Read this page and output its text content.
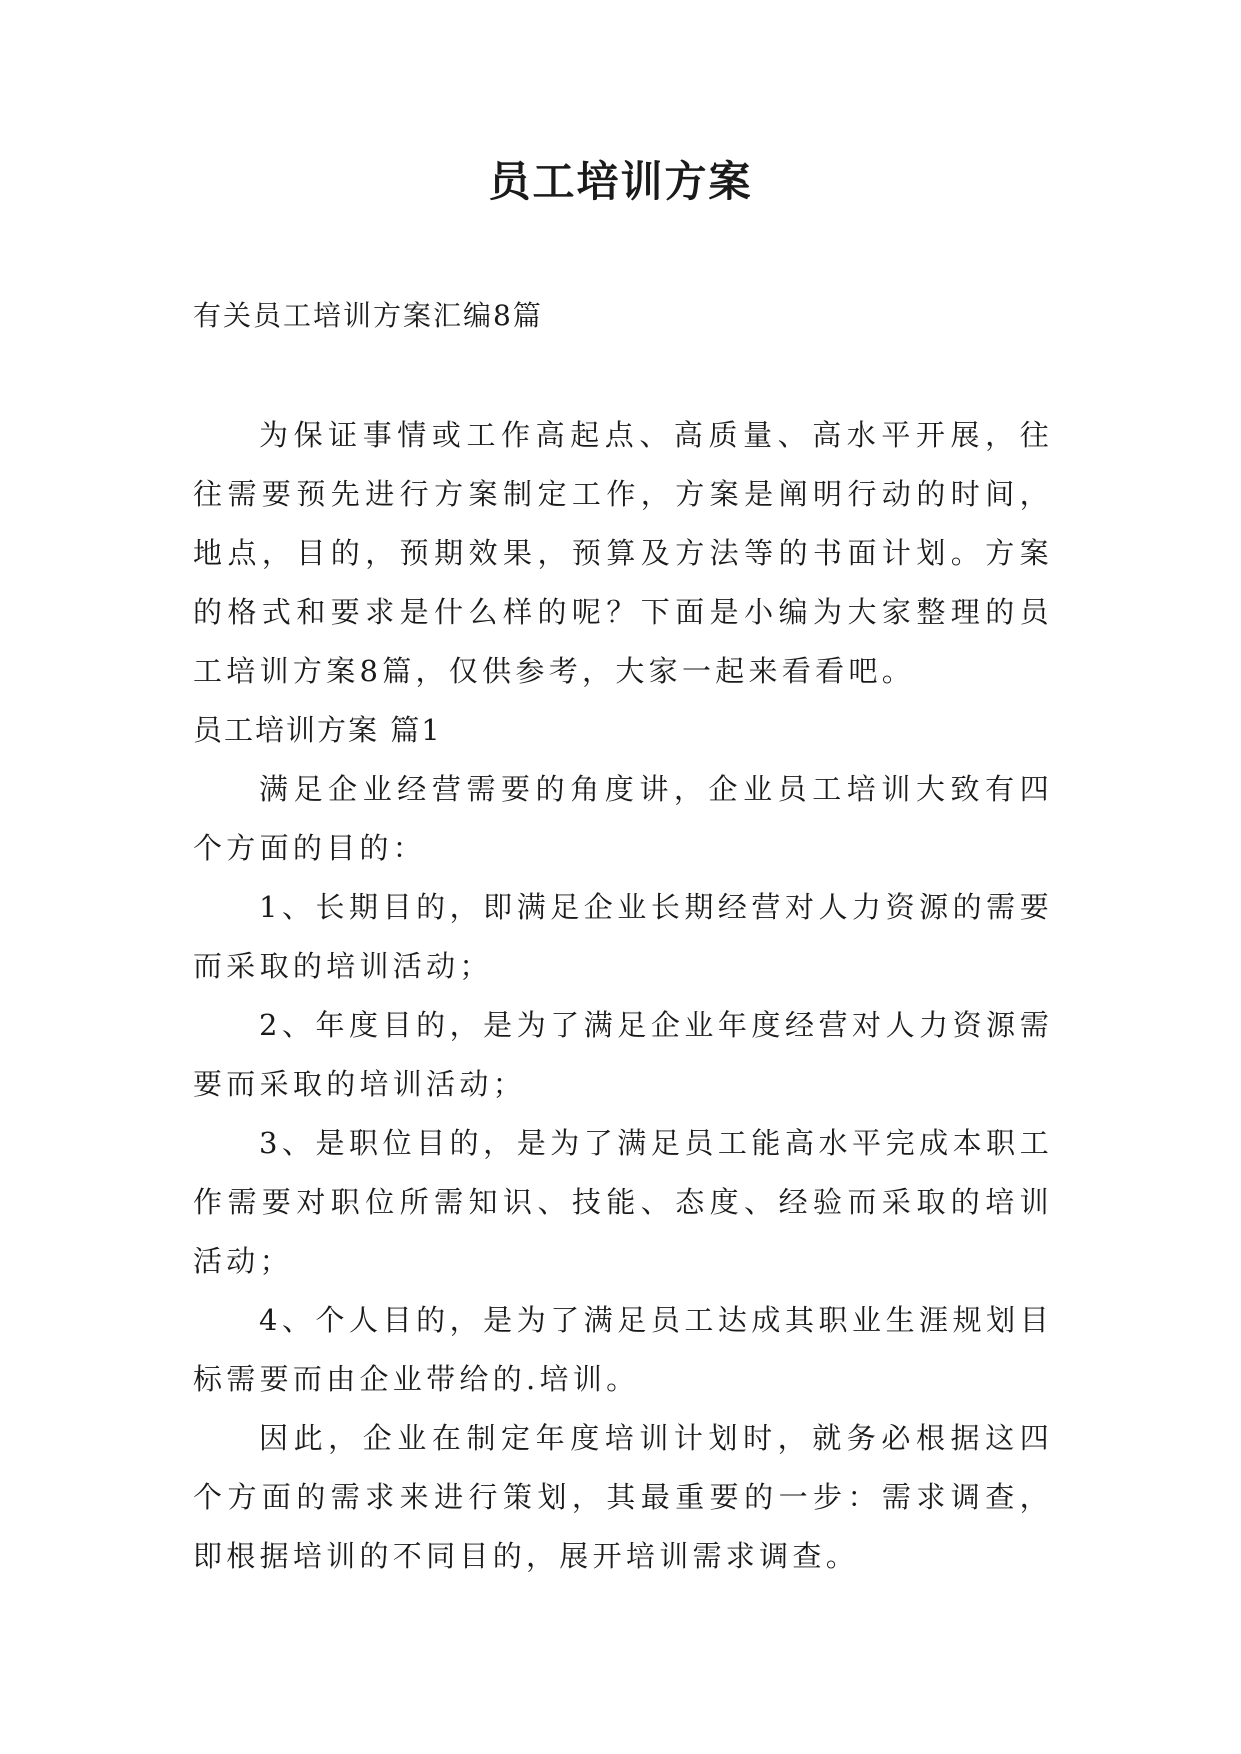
员工培训方案

有关员工培训方案汇编8篇

为保证事情或工作高起点、高质量、高水平开展，往往需要预先进行方案制定工作，方案是阐明行动的时间，地点，目的，预期效果，预算及方法等的书面计划。方案的格式和要求是什么样的呢？下面是小编为大家整理的员工培训方案8篇，仅供参考，大家一起来看看吧。

员工培训方案 篇1

满足企业经营需要的角度讲，企业员工培训大致有四个方面的目的：

1、长期目的，即满足企业长期经营对人力资源的需要而采取的培训活动；

2、年度目的，是为了满足企业年度经营对人力资源需要而采取的培训活动；

3、是职位目的，是为了满足员工能高水平完成本职工作需要对职位所需知识、技能、态度、经验而采取的培训活动；

4、个人目的，是为了满足员工达成其职业生涯规划目标需要而由企业带给的.培训。

因此，企业在制定年度培训计划时，就务必根据这四个方面的需求来进行策划，其最重要的一步：需求调查，即根据培训的不同目的，展开培训需求调查。
